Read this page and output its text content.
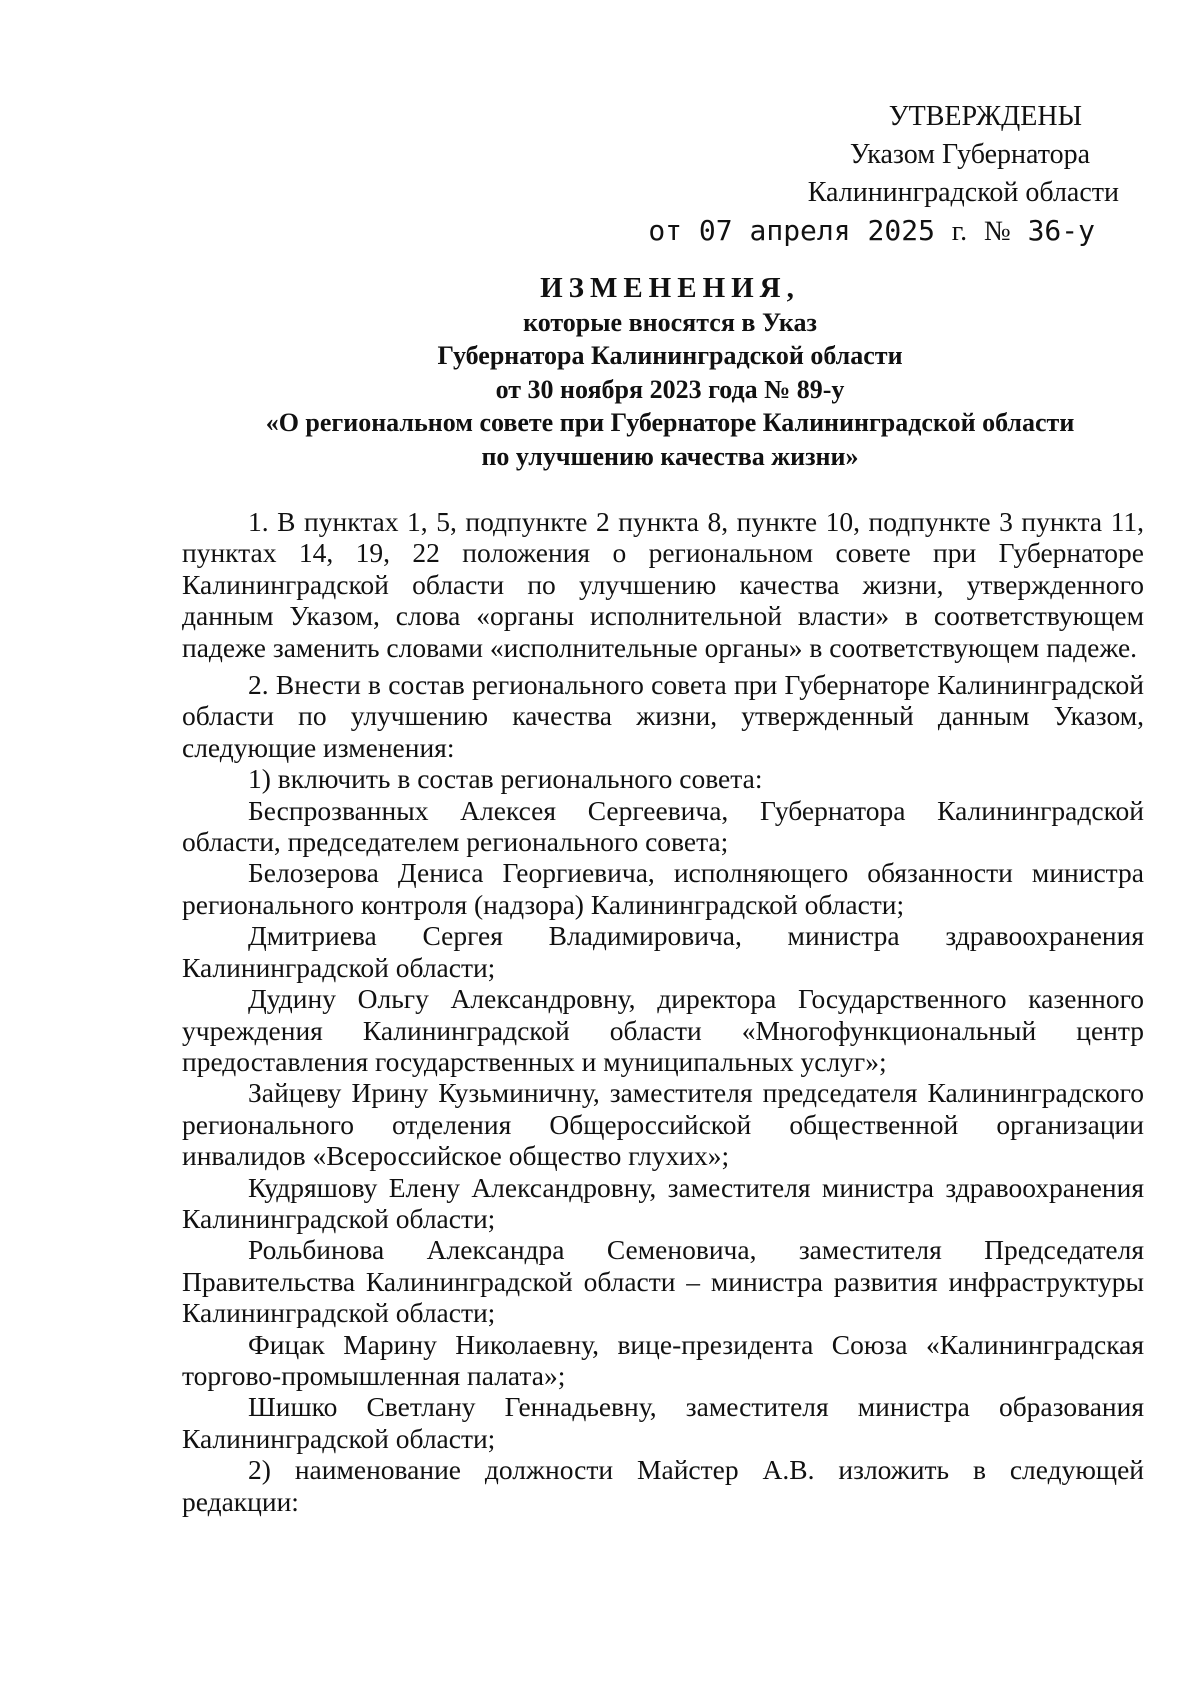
УТВЕРЖДЕНЫ
Указом Губернатора
Калининградской области
от 07 апреля 2025 г. № 36-у
ИЗМЕНЕНИЯ,
которые вносятся в Указ
Губернатора Калининградской области
от 30 ноября 2023 года № 89-у
«О региональном совете при Губернаторе Калининградской области
по улучшению качества жизни»

1. В пунктах 1, 5, подпункте 2 пункта 8, пункте 10, подпункте 3 пункта 11, пунктах 14, 19, 22 положения о региональном совете при Губернаторе Калининградской области по улучшению качества жизни, утвержденного данным Указом, слова «органы исполнительной власти» в соответствующем падеже заменить словами «исполнительные органы» в соответствующем падеже.

2. Внести в состав регионального совета при Губернаторе Калининградской области по улучшению качества жизни, утвержденный данным Указом, следующие изменения:

1) включить в состав регионального совета:

Беспрозванных Алексея Сергеевича, Губернатора Калининградской области, председателем регионального совета;

Белозерова Дениса Георгиевича, исполняющего обязанности министра регионального контроля (надзора) Калининградской области;

Дмитриева Сергея Владимировича, министра здравоохранения Калининградской области;

Дудину Ольгу Александровну, директора Государственного казенного учреждения Калининградской области «Многофункциональный центр предоставления государственных и муниципальных услуг»;

Зайцеву Ирину Кузьминичну, заместителя председателя Калининградского регионального отделения Общероссийской общественной организации инвалидов «Всероссийское общество глухих»;

Кудряшову Елену Александровну, заместителя министра здравоохранения Калининградской области;

Рольбинова Александра Семеновича, заместителя Председателя Правительства Калининградской области – министра развития инфраструктуры Калининградской области;

Фицак Марину Николаевну, вице-президента Союза «Калининградская торгово-промышленная палата»;

Шишко Светлану Геннадьевну, заместителя министра образования Калининградской области;

2) наименование должности Майстер А.В. изложить в следующей редакции:
